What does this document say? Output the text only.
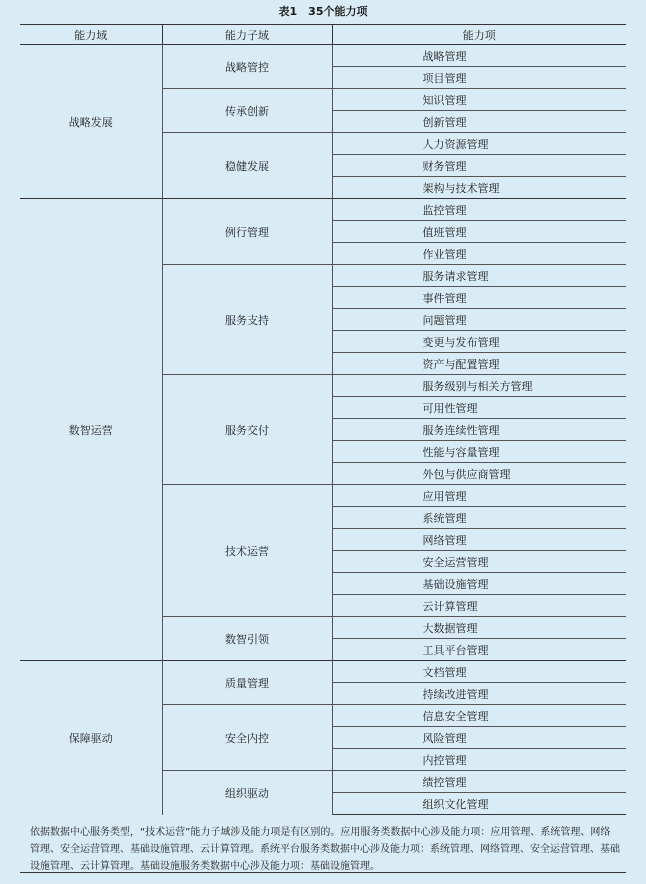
表1　35个能力项
能力域	能力子域	能力项
战略发展	战略管控	战略管理
		项目管理
	传承创新	知识管理
		创新管理
	稳健发展	人力资源管理
		财务管理
		架构与技术管理
数智运营	例行管理	监控管理
		值班管理
		作业管理
	服务支持	服务请求管理
		事件管理
		问题管理
		变更与发布管理
		资产与配置管理
	服务交付	服务级别与相关方管理
		可用性管理
		服务连续性管理
		性能与容量管理
		外包与供应商管理
	技术运营	应用管理
		系统管理
		网络管理
		安全运营管理
		基础设施管理
		云计算管理
	数智引领	大数据管理
		工具平台管理
保障驱动	质量管理	文档管理
		持续改进管理
	安全内控	信息安全管理
		风险管理
		内控管理
	组织驱动	绩控管理
		组织文化管理
依据数据中心服务类型，“技术运营”能力子域涉及能力项是有区别的。应用服务类数据中心涉及能力项：应用管理、系统管理、网络管理、安全运营管理、基础设施管理、云计算管理。系统平台服务类数据中心涉及能力项：系统管理、网络管理、安全运营管理、基础设施管理、云计算管理。基础设施服务类数据中心涉及能力项：基础设施管理。
